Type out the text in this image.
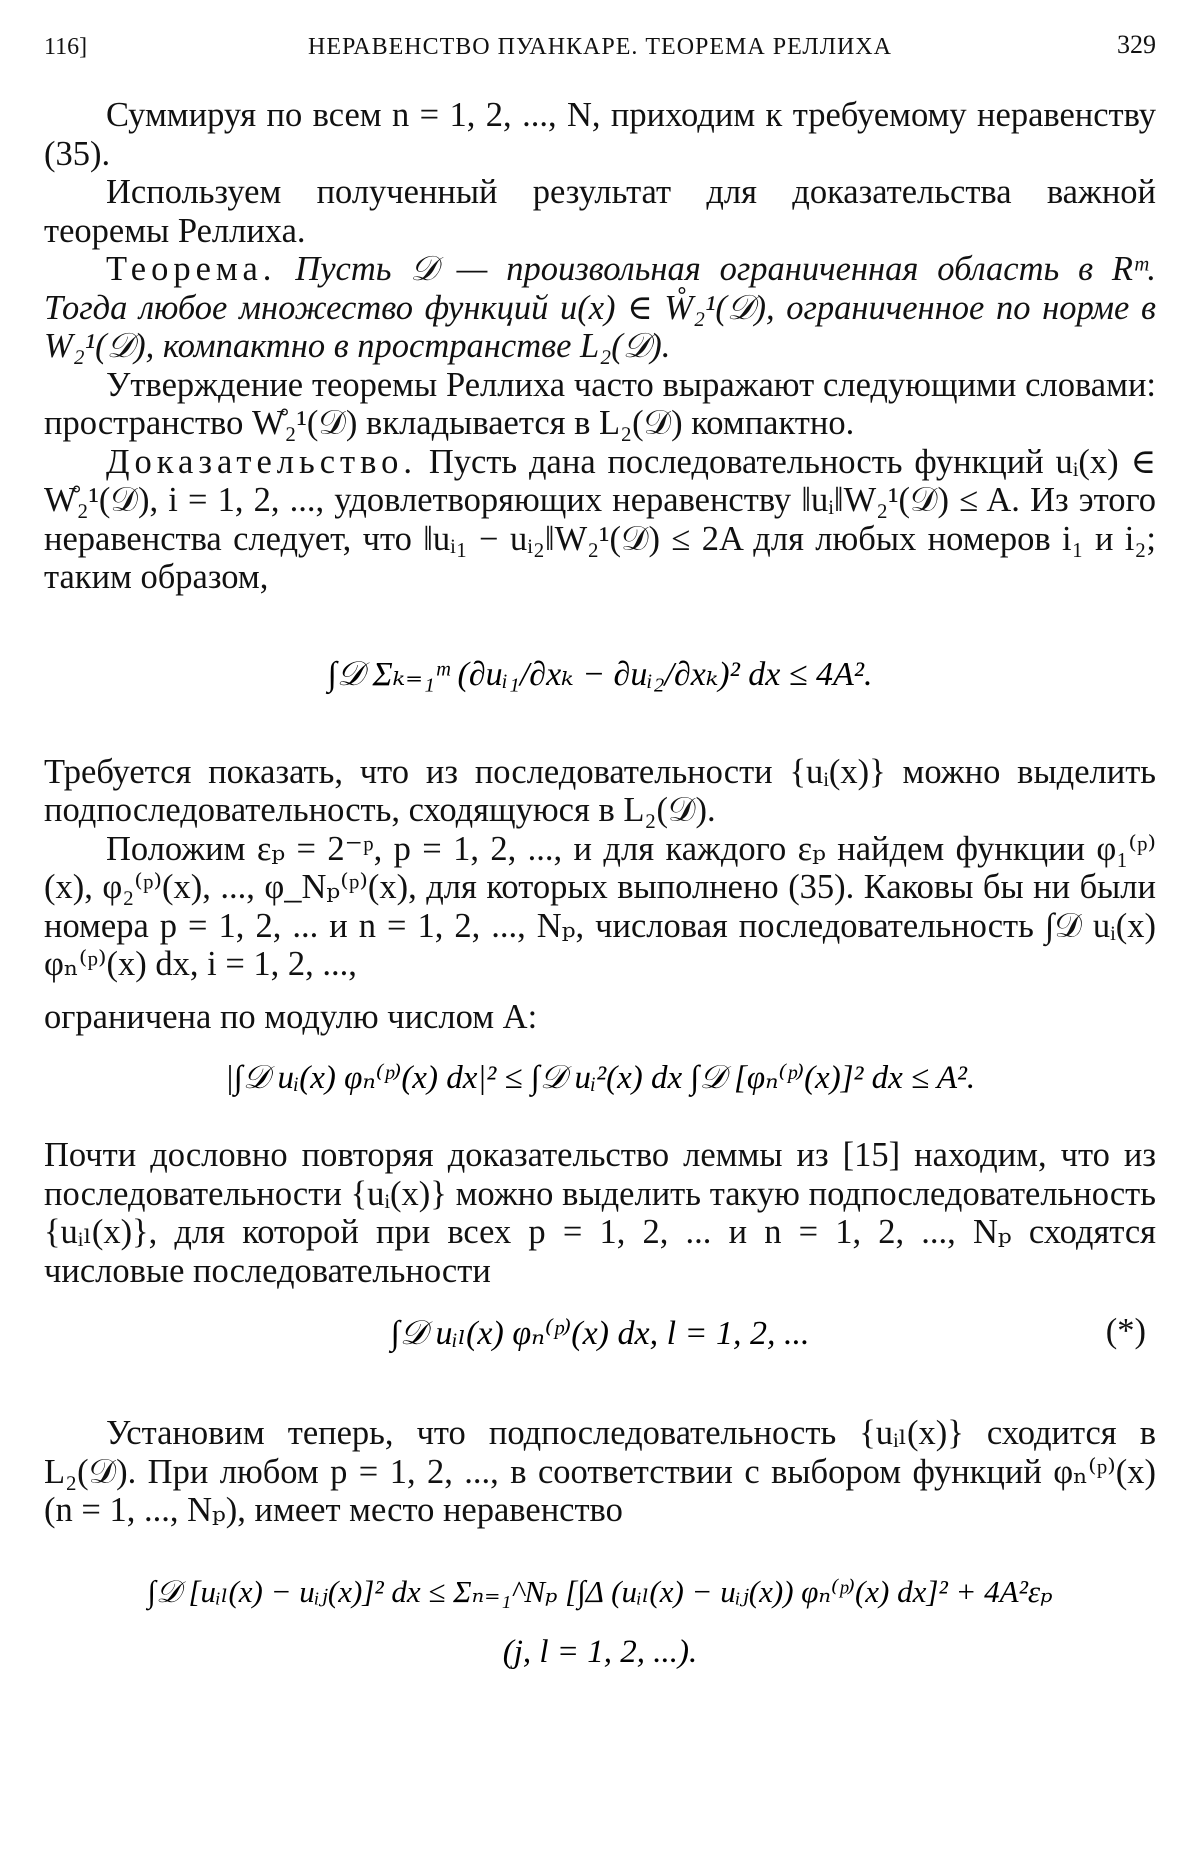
116]	НЕРАВЕНСТВО ПУАНКАРЕ. ТЕОРЕМА РЕЛЛИХА	329

Суммируя по всем n = 1, 2, ..., N, приходим к требуемому неравенству (35).

Используем полученный результат для доказательства важной теоремы Реллиха.

Теорема. Пусть 𝒟 — произвольная ограниченная область в Rᵐ. Тогда любое множество функций u(x) ∈ W̊₂¹(𝒟), ограниченное по норме в W₂¹(𝒟), компактно в пространстве L₂(𝒟).

Утверждение теоремы Реллиха часто выражают следующими словами: пространство W̊₂¹(𝒟) вкладывается в L₂(𝒟) компактно.

Доказательство. Пусть дана последовательность функций uᵢ(x) ∈ W̊₂¹(𝒟), i = 1, 2, ..., удовлетворяющих неравенству ‖uᵢ‖W₂¹(𝒟) ≤ A. Из этого неравенства следует, что ‖uᵢ₁ − uᵢ₂‖W₂¹(𝒟) ≤ 2A для любых номеров i₁ и i₂; таким образом,

∫𝒟 Σₖ₌₁ᵐ (∂uᵢ₁/∂xₖ − ∂uᵢ₂/∂xₖ)² dx ≤ 4A².

Требуется показать, что из последовательности {uᵢ(x)} можно выделить подпоследовательность, сходящуюся в L₂(𝒟).

Положим εₚ = 2⁻ᵖ, p = 1, 2, ..., и для каждого εₚ найдем функции φ₁⁽ᵖ⁾(x), φ₂⁽ᵖ⁾(x), ..., φ_Nₚ⁽ᵖ⁾(x), для которых выполнено (35). Каковы бы ни были номера p = 1, 2, ... и n = 1, 2, ..., Nₚ, числовая последовательность ∫𝒟 uᵢ(x) φₙ⁽ᵖ⁾(x) dx, i = 1, 2, ...,

ограничена по модулю числом A:

|∫𝒟 uᵢ(x) φₙ⁽ᵖ⁾(x) dx|² ≤ ∫𝒟 uᵢ²(x) dx ∫𝒟 [φₙ⁽ᵖ⁾(x)]² dx ≤ A².

Почти дословно повторяя доказательство леммы из [15] находим, что из последовательности {uᵢ(x)} можно выделить такую подпоследовательность {uᵢₗ(x)}, для которой при всех p = 1, 2, ... и n = 1, 2, ..., Nₚ сходятся числовые последовательности

∫𝒟 uᵢₗ(x) φₙ⁽ᵖ⁾(x) dx, l = 1, 2, ...	(*)

Установим теперь, что подпоследовательность {uᵢₗ(x)} сходится в L₂(𝒟). При любом p = 1, 2, ..., в соответствии с выбором функций φₙ⁽ᵖ⁾(x) (n = 1, ..., Nₚ), имеет место неравенство

∫𝒟 [uᵢₗ(x) − uᵢⱼ(x)]² dx ≤ Σₙ₌₁^Nₚ [∫Δ (uᵢₗ(x) − uᵢⱼ(x)) φₙ⁽ᵖ⁾(x) dx]² + 4A²εₚ
(j, l = 1, 2, ...).
